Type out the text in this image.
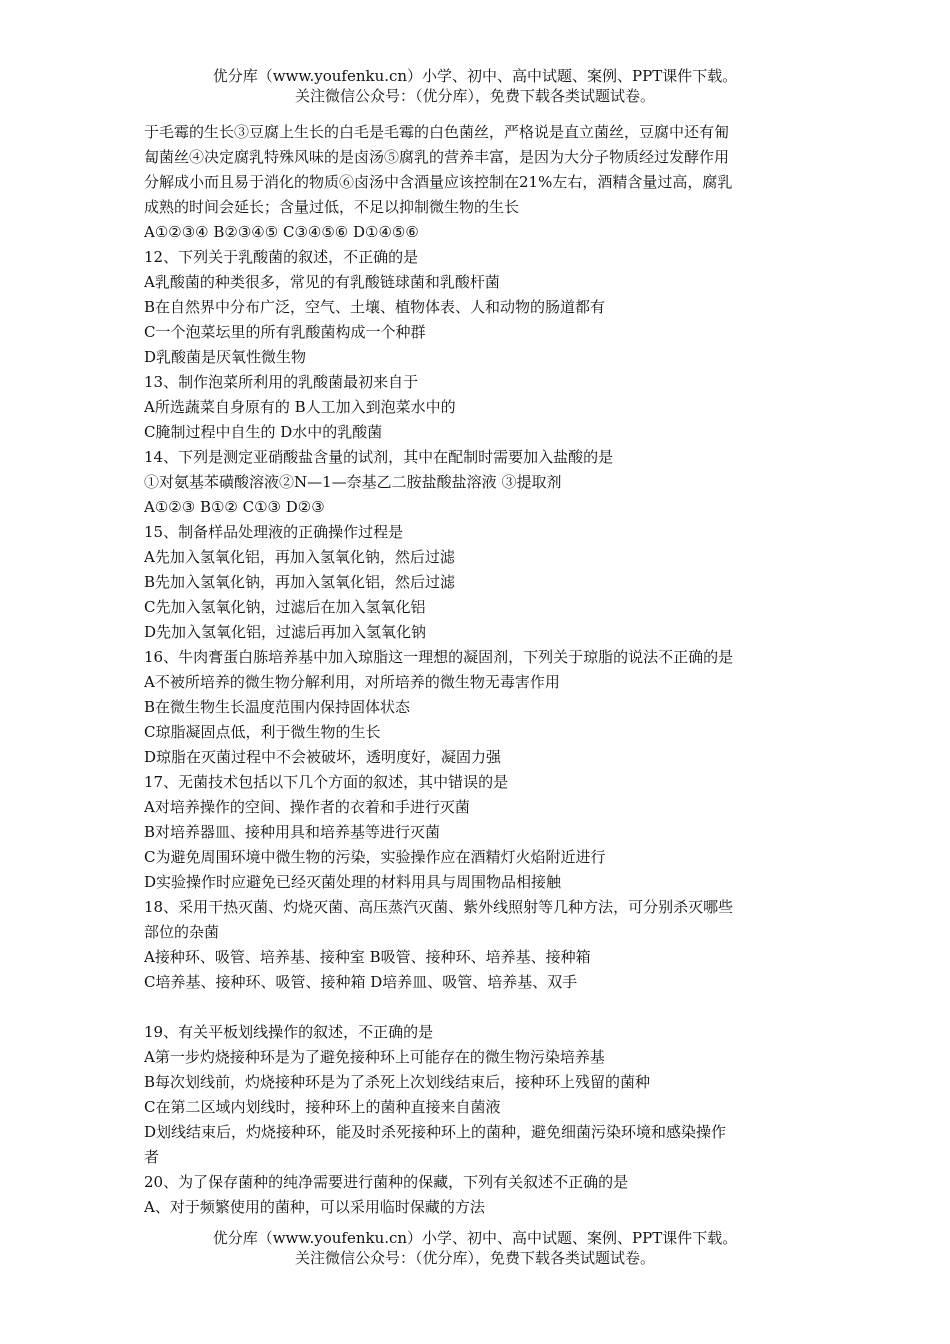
优分库（www.youfenku.cn）小学、初中、高中试题、案例、PPT课件下载。
关注微信公众号：（优分库），免费下载各类试题试卷。
于毛霉的生长③豆腐上生长的白毛是毛霉的白色菌丝，严格说是直立菌丝，豆腐中还有匍
匐菌丝④决定腐乳特殊风味的是卤汤⑤腐乳的营养丰富，是因为大分子物质经过发酵作用
分解成小而且易于消化的物质⑥卤汤中含酒量应该控制在21%左右，酒精含量过高，腐乳
成熟的时间会延长；含量过低，不足以抑制微生物的生长
A①②③④ B②③④⑤ C③④⑤⑥ D①④⑤⑥
12、下列关于乳酸菌的叙述，不正确的是
A乳酸菌的种类很多，常见的有乳酸链球菌和乳酸杆菌
B在自然界中分布广泛，空气、土壤、植物体表、人和动物的肠道都有
C一个泡菜坛里的所有乳酸菌构成一个种群
D乳酸菌是厌氧性微生物
13、制作泡菜所利用的乳酸菌最初来自于
A所选蔬菜自身原有的 B人工加入到泡菜水中的
C腌制过程中自生的 D水中的乳酸菌
14、下列是测定亚硝酸盐含量的试剂，其中在配制时需要加入盐酸的是
①对氨基苯磺酸溶液②N—1—奈基乙二胺盐酸盐溶液 ③提取剂
A①②③ B①② C①③ D②③
15、制备样品处理液的正确操作过程是
A先加入氢氧化铝，再加入氢氧化钠，然后过滤
B先加入氢氧化钠，再加入氢氧化铝，然后过滤
C先加入氢氧化钠，过滤后在加入氢氧化铝
D先加入氢氧化铝，过滤后再加入氢氧化钠
16、牛肉膏蛋白胨培养基中加入琼脂这一理想的凝固剂，下列关于琼脂的说法不正确的是
A不被所培养的微生物分解利用，对所培养的微生物无毒害作用
B在微生物生长温度范围内保持固体状态
C琼脂凝固点低，利于微生物的生长
D琼脂在灭菌过程中不会被破坏，透明度好，凝固力强
17、无菌技术包括以下几个方面的叙述，其中错误的是
A对培养操作的空间、操作者的衣着和手进行灭菌
B对培养器皿、接种用具和培养基等进行灭菌
C为避免周围环境中微生物的污染，实验操作应在酒精灯火焰附近进行
D实验操作时应避免已经灭菌处理的材料用具与周围物品相接触
18、采用干热灭菌、灼烧灭菌、高压蒸汽灭菌、紫外线照射等几种方法，可分别杀灭哪些
部位的杂菌
A接种环、吸管、培养基、接种室 B吸管、接种环、培养基、接种箱
C培养基、接种环、吸管、接种箱 D培养皿、吸管、培养基、双手
19、有关平板划线操作的叙述，不正确的是
A第一步灼烧接种环是为了避免接种环上可能存在的微生物污染培养基
B每次划线前，灼烧接种环是为了杀死上次划线结束后，接种环上残留的菌种
C在第二区域内划线时，接种环上的菌种直接来自菌液
D划线结束后，灼烧接种环，能及时杀死接种环上的菌种，避免细菌污染环境和感染操作
者
20、为了保存菌种的纯净需要进行菌种的保藏，下列有关叙述不正确的是
A、对于频繁使用的菌种，可以采用临时保藏的方法
优分库（www.youfenku.cn）小学、初中、高中试题、案例、PPT课件下载。
关注微信公众号：（优分库），免费下载各类试题试卷。
